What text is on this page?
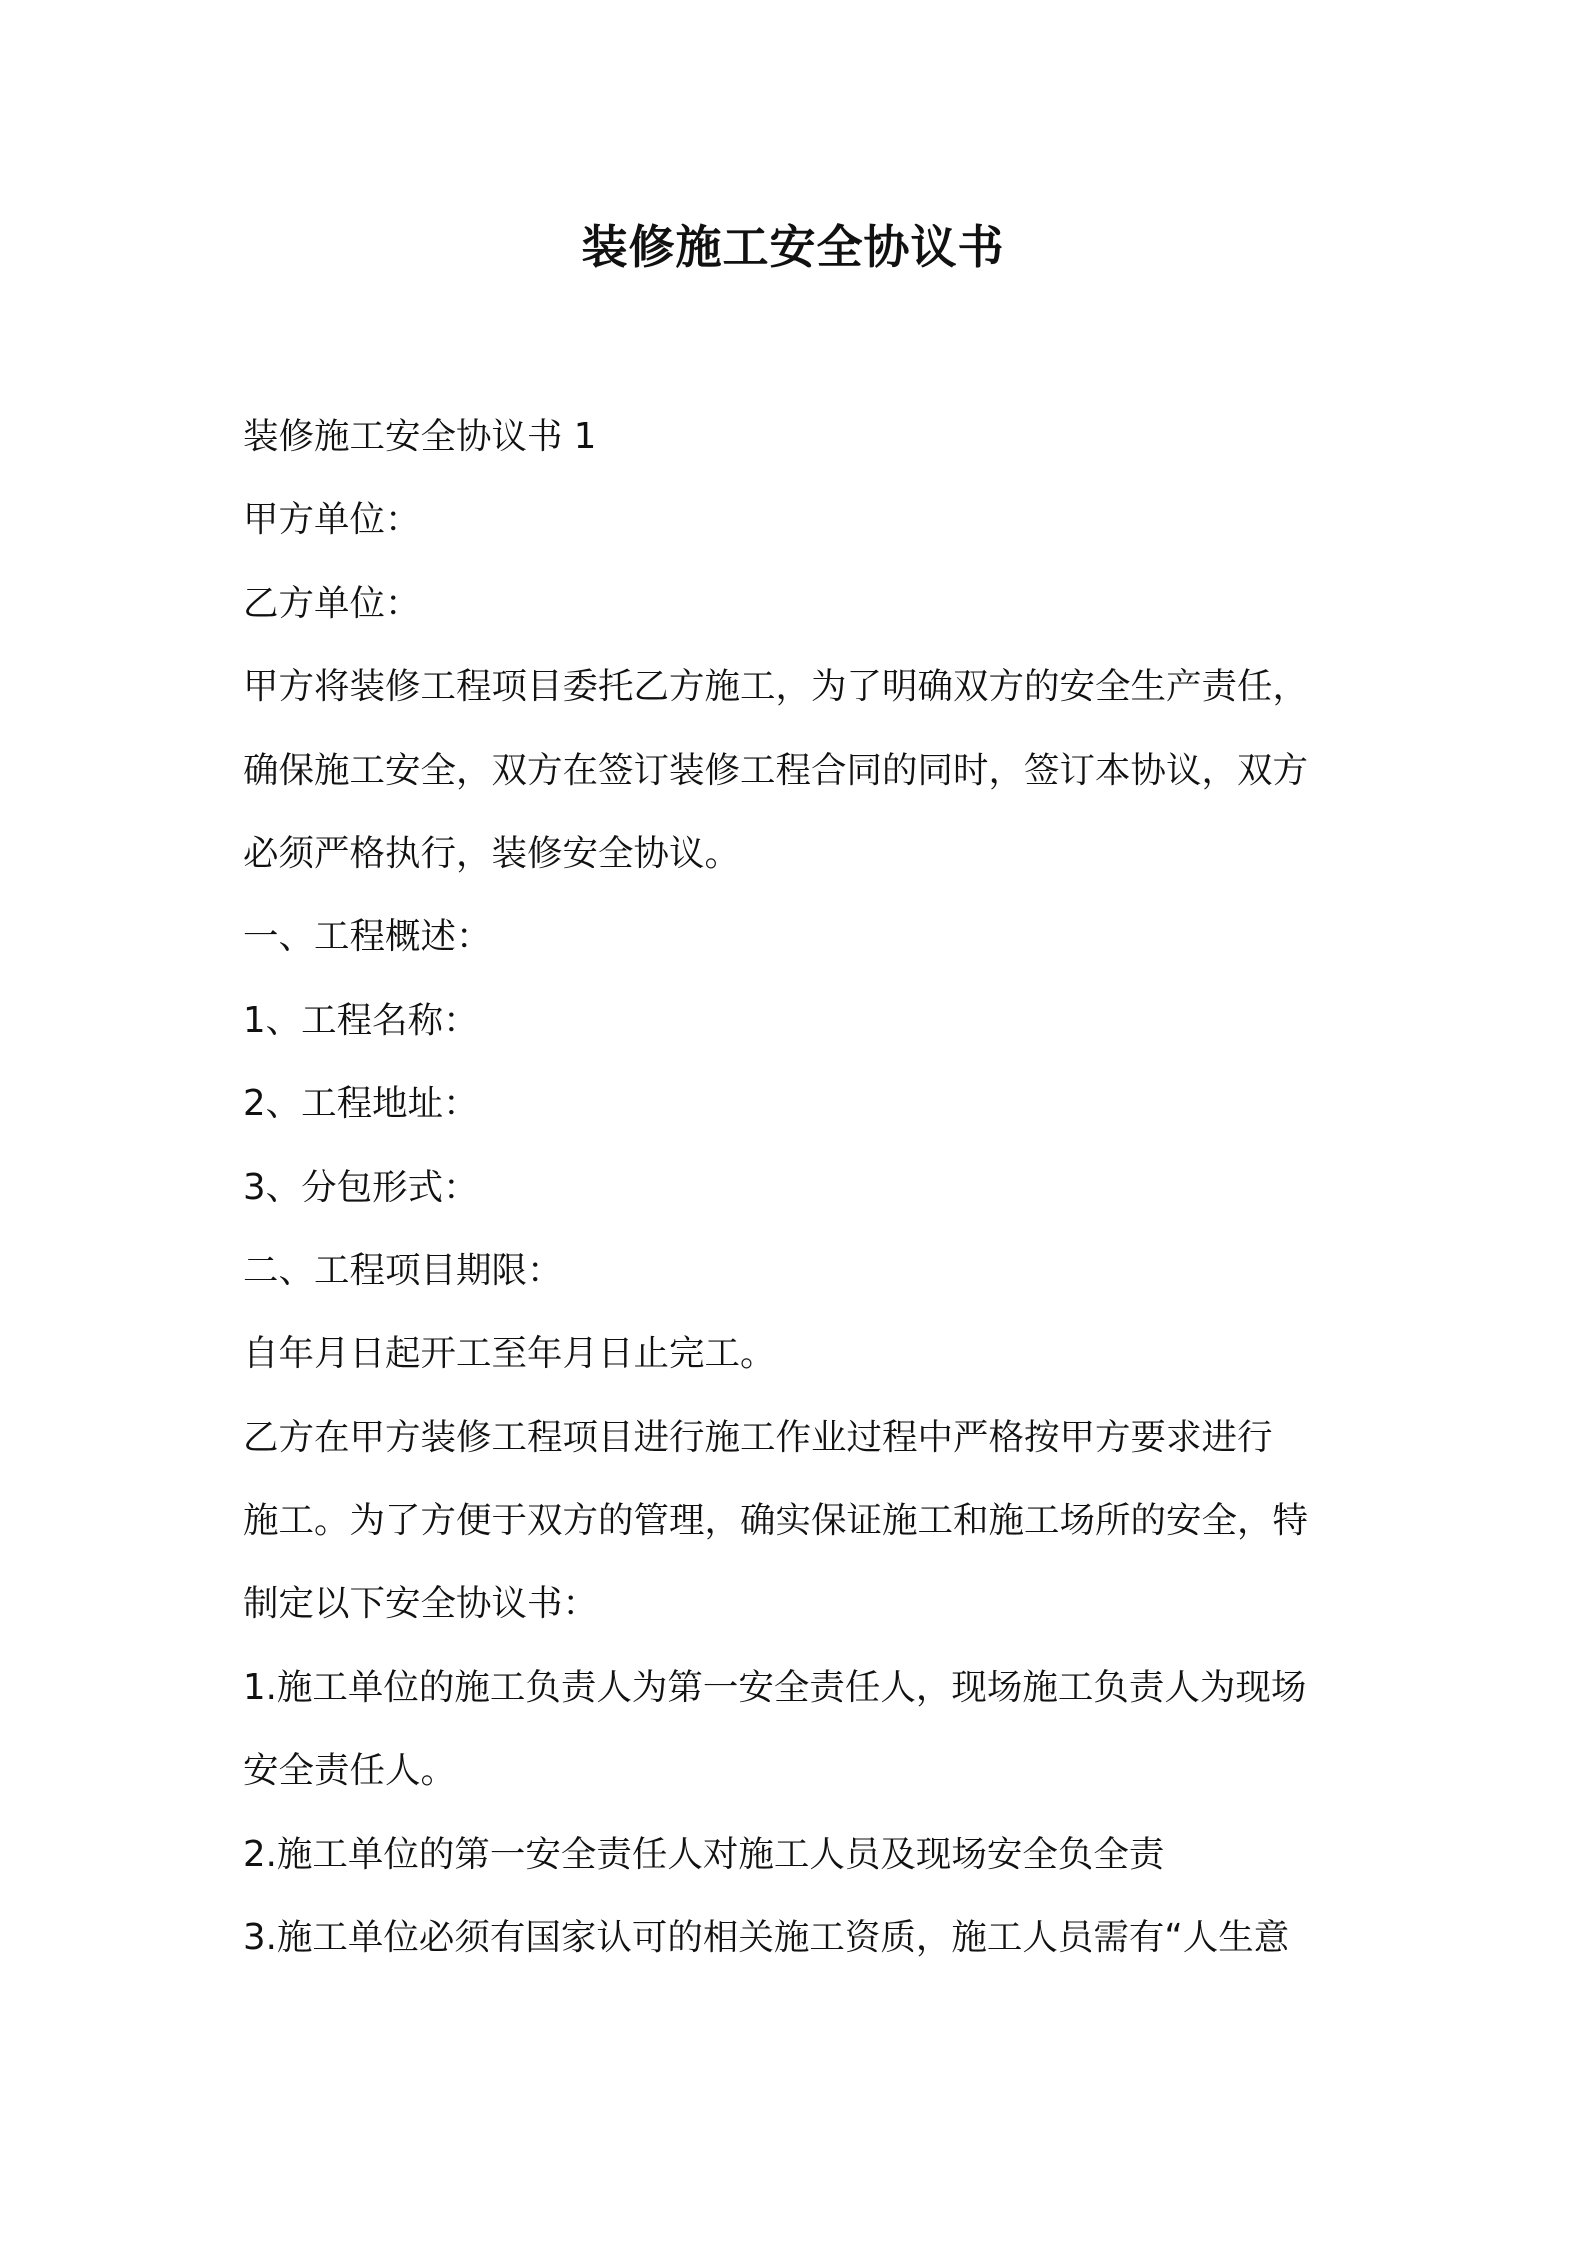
装修施工安全协议书

装修施工安全协议书 1

甲方单位：

乙方单位：

甲方将装修工程项目委托乙方施工，为了明确双方的安全生产责任，

确保施工安全，双方在签订装修工程合同的同时，签订本协议，双方

必须严格执行，装修安全协议。

一、工程概述：

1、工程名称：

2、工程地址：

3、分包形式：

二、工程项目期限：

自年月日起开工至年月日止完工。

乙方在甲方装修工程项目进行施工作业过程中严格按甲方要求进行

施工。为了方便于双方的管理，确实保证施工和施工场所的安全，特

制定以下安全协议书：

1.施工单位的施工负责人为第一安全责任人，现场施工负责人为现场

安全责任人。

2.施工单位的第一安全责任人对施工人员及现场安全负全责

3.施工单位必须有国家认可的相关施工资质，施工人员需有“人生意
